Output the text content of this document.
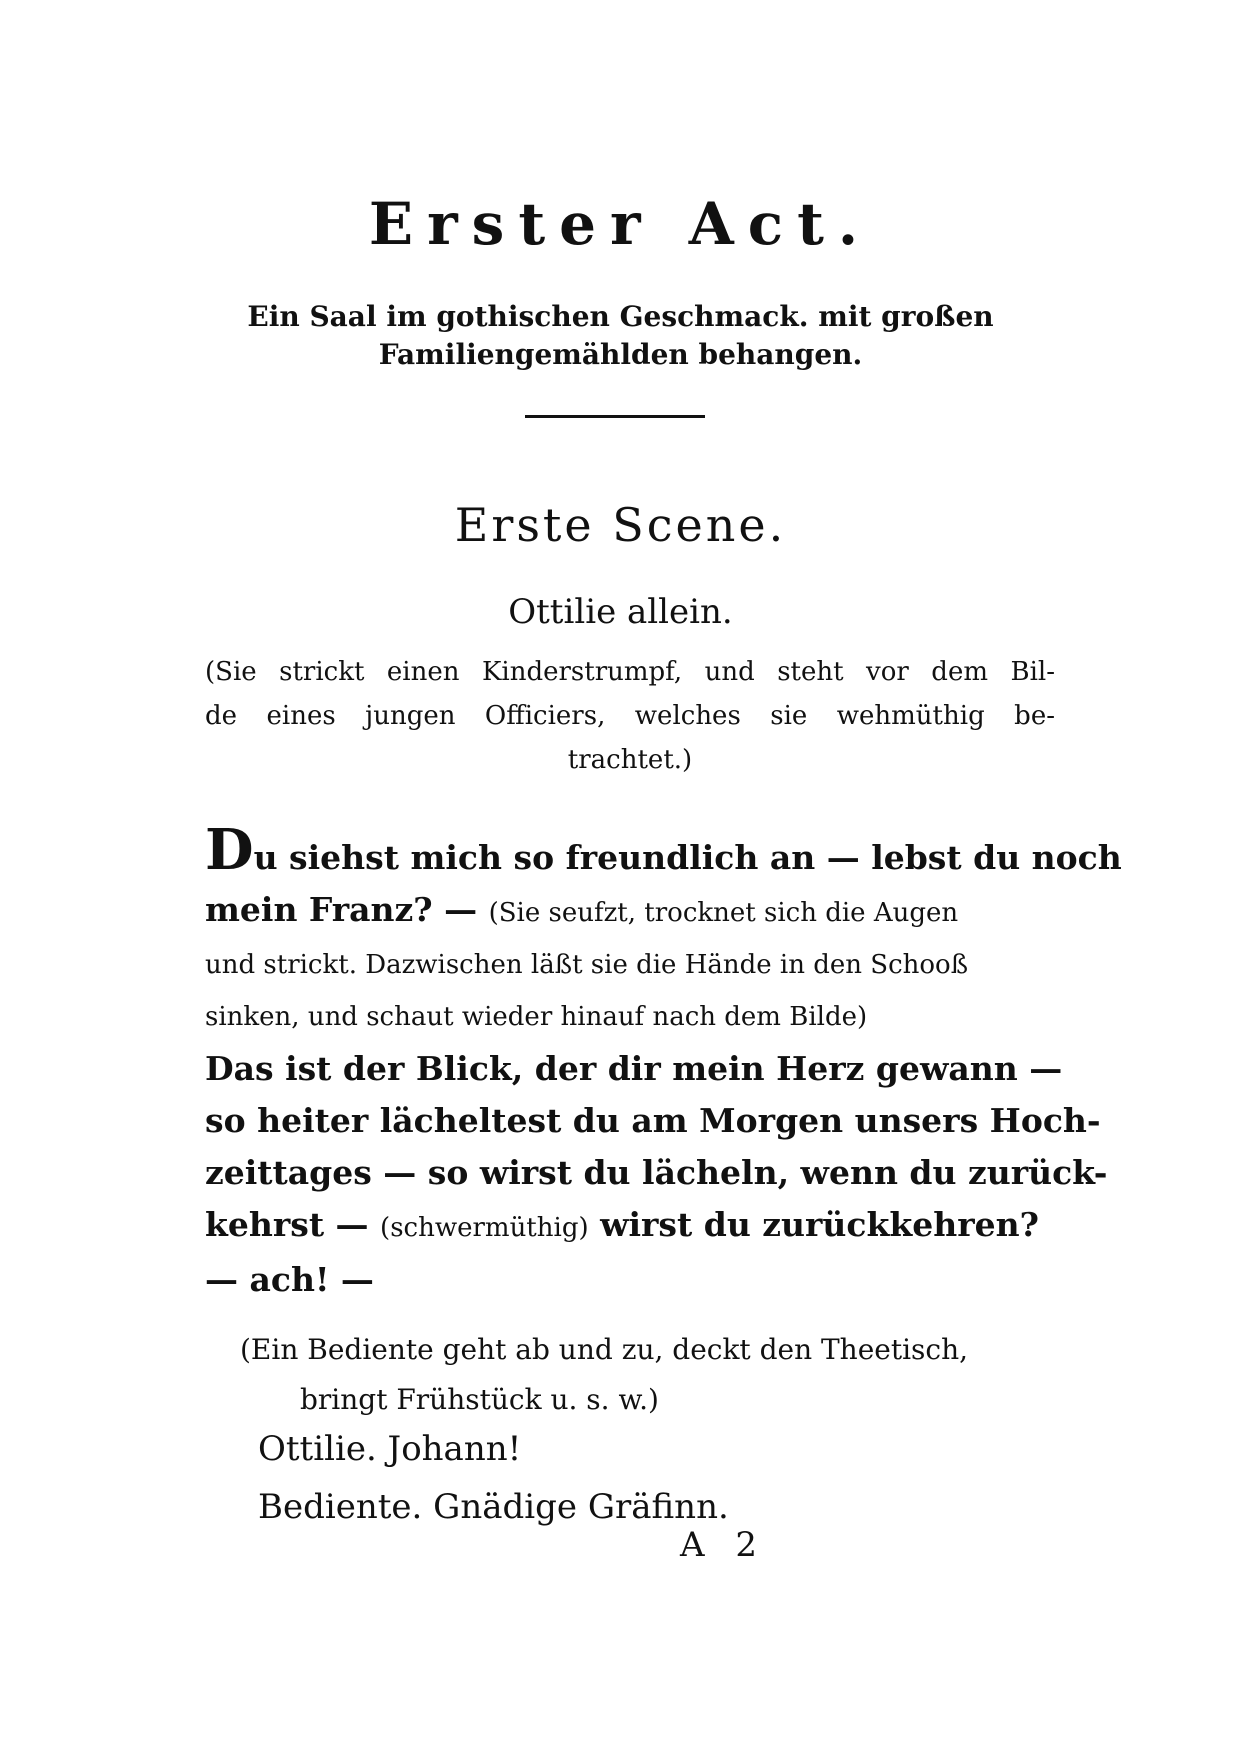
Erster Act.
Ein Saal im gothischen Geschmack. mit großen
Familiengemählden behangen.
Erste Scene.
Ottilie allein.
(Sie strickt einen Kinderstrumpf, und steht vor dem Bil-
de eines jungen Officiers, welches sie wehmüthig be-
trachtet.)
Du siehst mich so freundlich an — lebst du noch
mein Franz? — (Sie seufzt, trocknet sich die Augen
und strickt. Dazwischen läßt sie die Hände in den Schooß
sinken, und schaut wieder hinauf nach dem Bilde)
Das ist der Blick, der dir mein Herz gewann —
so heiter lächeltest du am Morgen unsers Hoch-
zeittages — so wirst du lächeln, wenn du zurück-
kehrst — (schwermüthig) wirst du zurückkehren?
— ach! —
(Ein Bediente geht ab und zu, deckt den Theetisch,
bringt Frühstück u. s. w.)
Ottilie. Johann!
Bediente. Gnädige Gräfinn.
A 2
